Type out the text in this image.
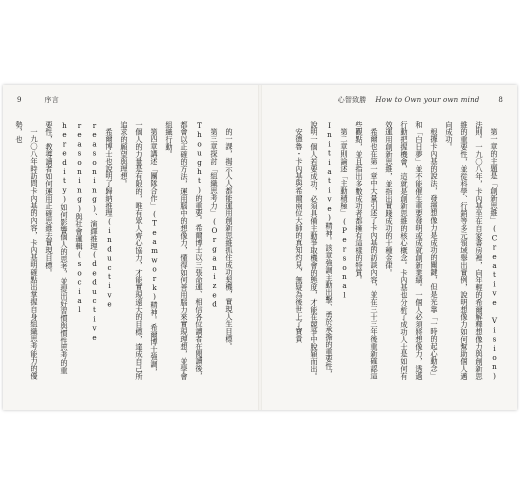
9	序言

的一課，揭示人人都能運用創新思維抓住成功契機，實現人生目標。

第三章探討「組織思考力」(Organized Thought)的重要。希爾博士以三張命運、相信各位讀者在閱讀後，都會以正確的方法，運用腦中的想像力，懂得如何善用腦力來實現理想，並學會組織行動。

第四章講述「團隊合作」(Teamwork)精神。希爾博士強調，一個人的力量是有限的，唯有眾人齊心協力，才能實現遠大的目標，達成自己所追求的願望與理想。

希爾博士也說明了歸納推理(inductive reasoning)、演繹推理(deductive reasoning)與社會邏輯(social heredity)如何影響個人的思考，並提出好習慣與慣性思考的重要性，教導讀者如何運用正確思維去實現目標。

一九〇八年時訪問卡內基的內容，卡內基明確點出掌握自身組織思考能力的優勢，也

心智致勝 How to Own your own mind	8

第一章的主題是「創新思維」(Creative Vision)法則。一九〇八年，卡內基坐在自家書房裡，向年輕的希爾解釋想像力與創新思維的重要性，並從科學、行銷等多元領域舉出實例，說明想像力如何幫助個人邁向成功。

根據卡內基的說法，發揮想像力是成功的關鍵，但是光靠「一時的起心動念」和「白日夢」並不能催生重要發明或成就創新業績。一個人必須將想像力，透過行動把握機會，這就是創新思維的核心概念。卡內基也分析了成功人士是如何有效運用創新思維，並指出實踐成功的十種金律。

希爾也在第一章中大量引述了卡內基的訪談內容，並在三十三年後重新確認這些觀點，並且指出多數成功者都擁有這樣的特質。

第二章則論述「主動積極」(Personal Initiative)精神。該章強調主動出擊、勇於承擔的重要性，說明一個人若要成功，必須具備主動爭取機會的態度，才能在競爭中脫穎而出。

安德魯・卡內基與希爾兩位大師的真知灼見，無疑為後世上了寶貴
